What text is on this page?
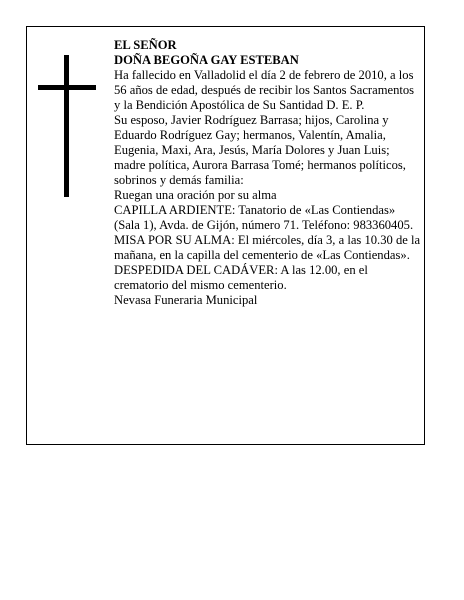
EL SEÑOR

DOÑA BEGOÑA GAY ESTEBAN

Ha fallecido en Valladolid el día 2 de febrero de 2010, a los 56 años de edad, después de recibir los Santos Sacramentos y la Bendición Apostólica de Su Santidad D. E. P.

Su esposo, Javier Rodríguez Barrasa; hijos, Carolina y Eduardo Rodríguez Gay; hermanos, Valentín, Amalia, Eugenia, Maxi, Ara, Jesús, María Dolores y Juan Luis; madre política, Aurora Barrasa Tomé; hermanos políticos, sobrinos y demás familia:

Ruegan una oración por su alma

CAPILLA ARDIENTE: Tanatorio de «Las Contiendas» (Sala 1), Avda. de Gijón, número 71. Teléfono: 983360405.

MISA POR SU ALMA: El miércoles, día 3, a las 10.30 de la mañana, en la capilla del cementerio de «Las Contiendas».

DESPEDIDA DEL CADÁVER: A las 12.00, en el crematorio del mismo cementerio.

Nevasa Funeraria Municipal
